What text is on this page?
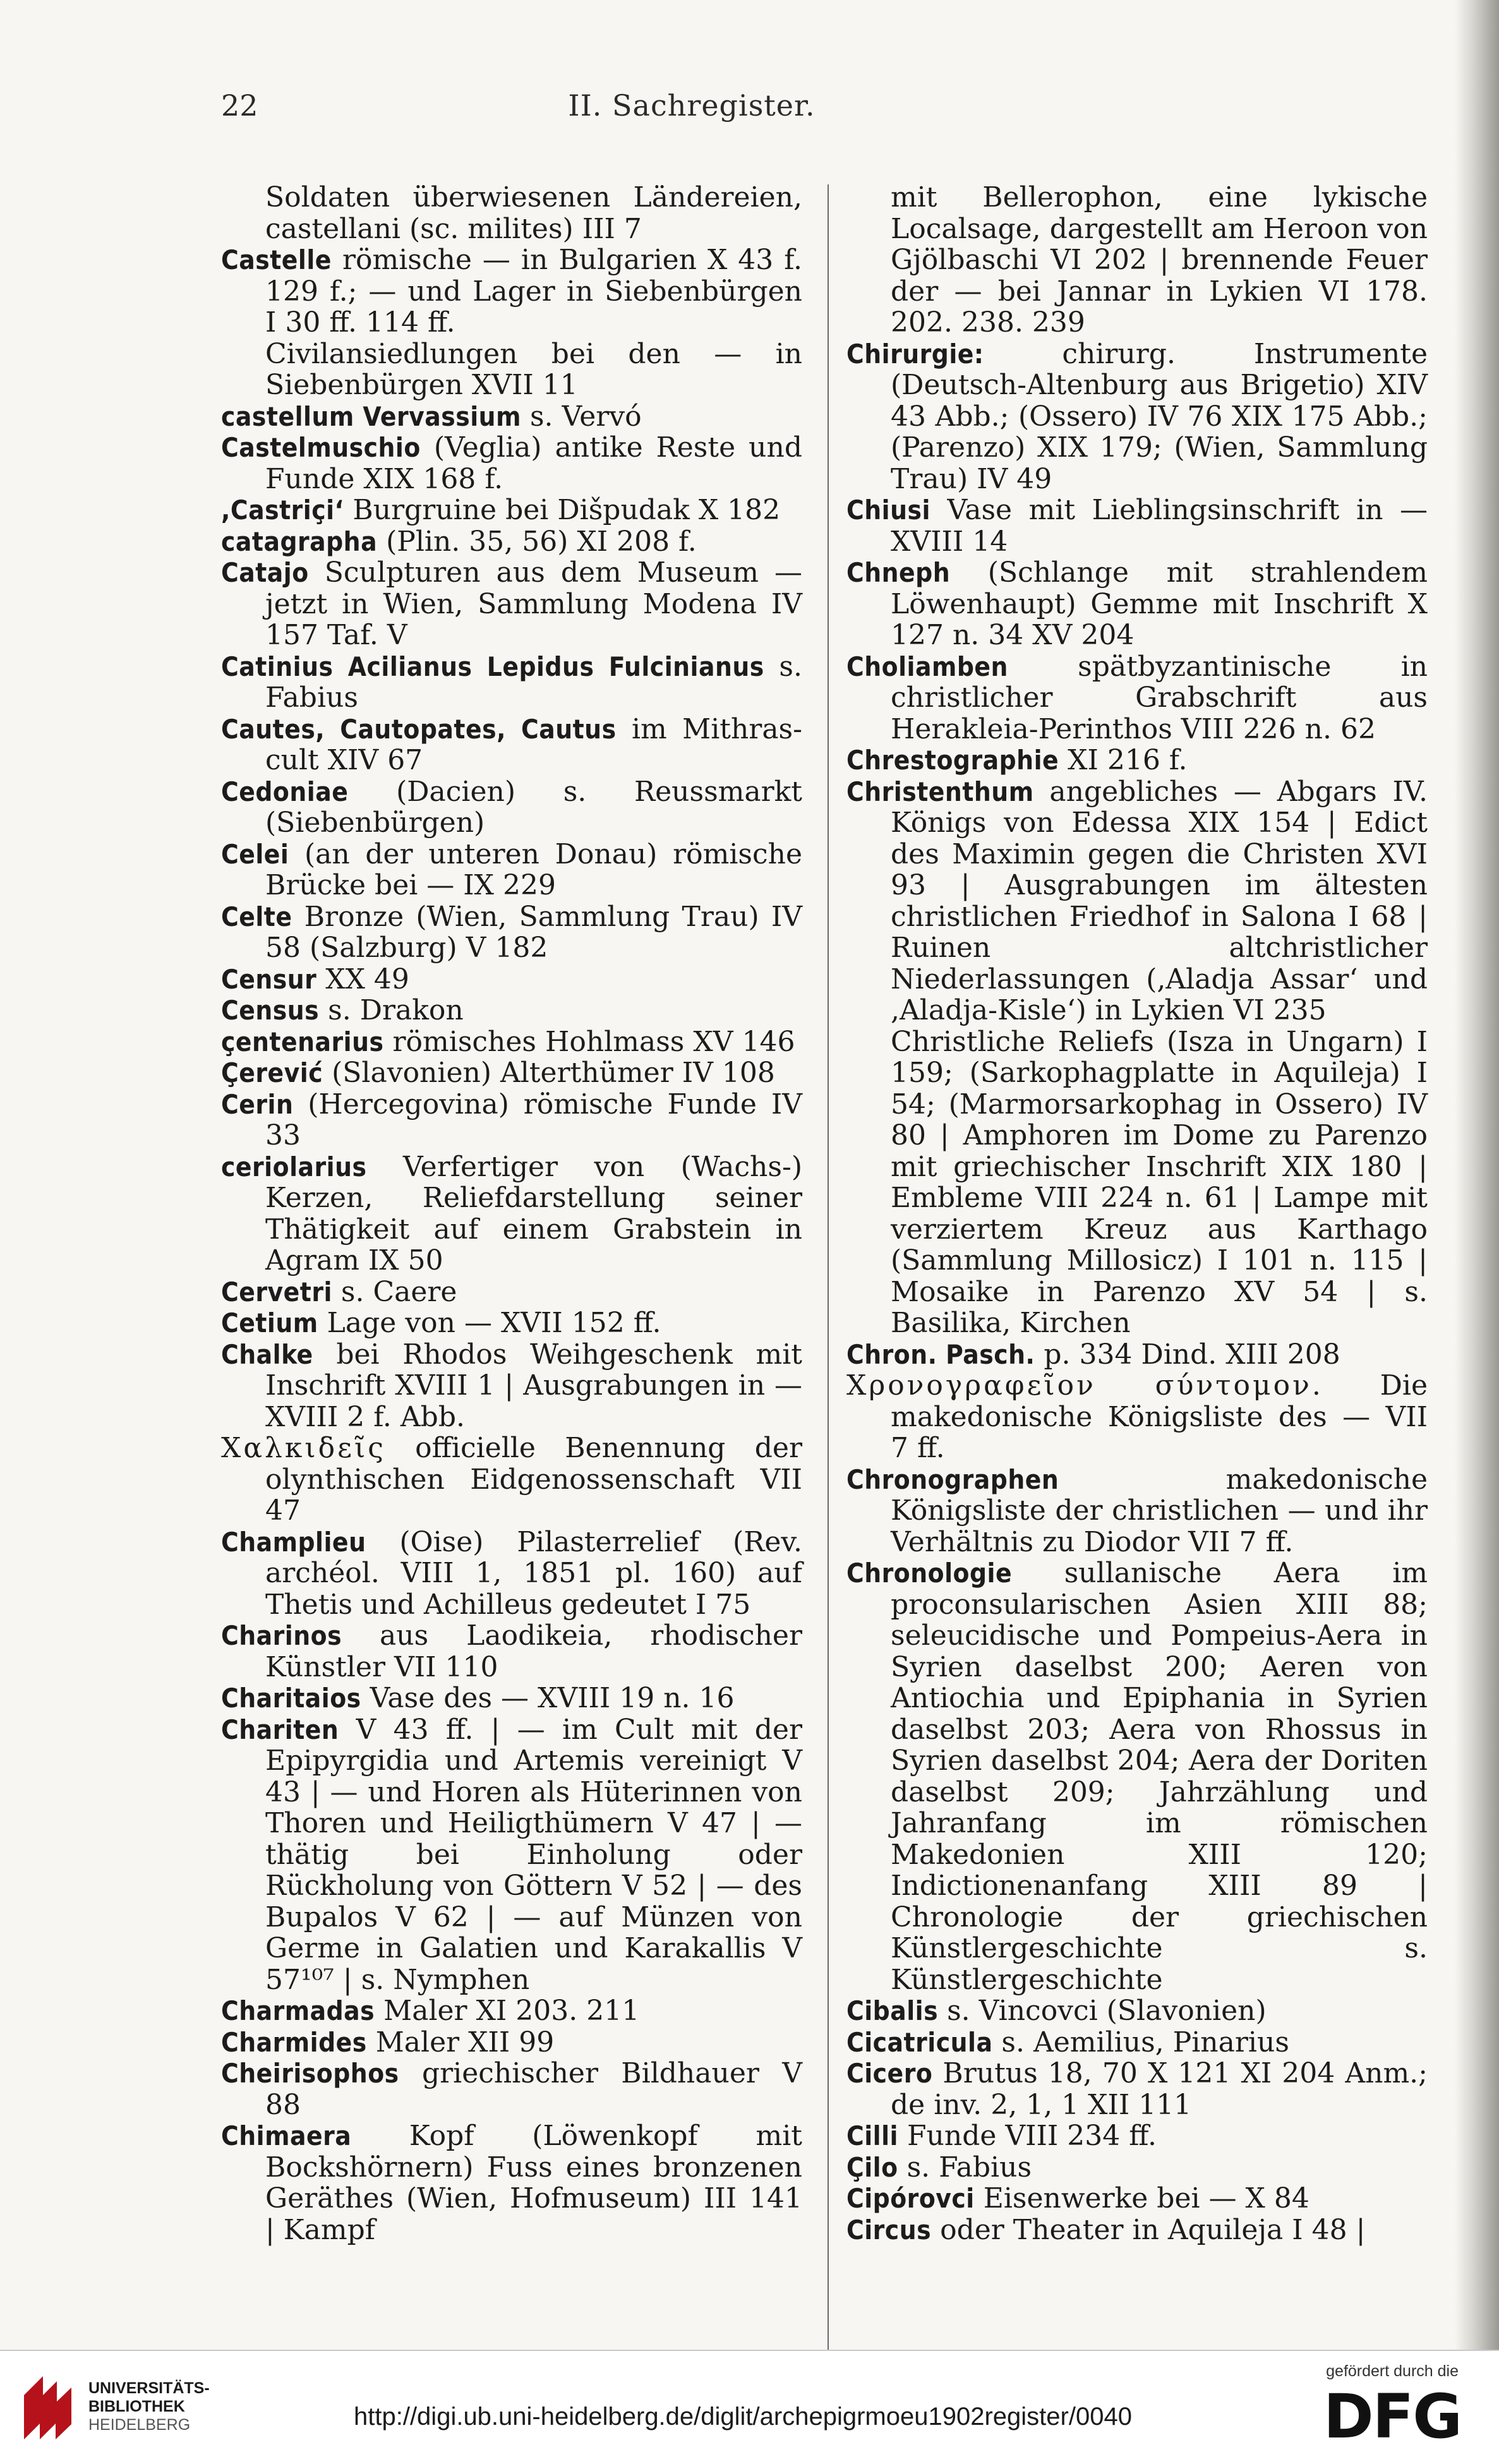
22	II. Sachregister.
Soldaten überwiesenen Ländereien, castellani (sc. milites) III 7
Castelle römische — in Bulgarien X 43 f. 129 f.; — und Lager in Siebenbürgen I 30 ff. 114 ff.
Civilansiedlungen bei den — in Siebenbürgen XVII 11
castellum Vervassium s. Vervó
Castelmuschio (Veglia) antike Reste und Funde XIX 168 f.
,Castriçi‘ Burgruine bei Dišpudak X 182
catagrapha (Plin. 35, 56) XI 208 f.
Catajo Sculpturen aus dem Museum — jetzt in Wien, Sammlung Modena IV 157 Taf. V
Catinius Acilianus Lepidus Fulcinianus s. Fabius
Cautes, Cautopates, Cautus im Mithras-cult XIV 67
Cedoniae (Dacien) s. Reussmarkt (Siebenbürgen)
Celei (an der unteren Donau) römische Brücke bei — IX 229
Celte Bronze (Wien, Sammlung Trau) IV 58 (Salzburg) V 182
Censur XX 49
Census s. Drakon
çentenarius römisches Hohlmass XV 146
Çerević (Slavonien) Alterthümer IV 108
Cerin (Hercegovina) römische Funde IV 33
ceriolarius Verfertiger von (Wachs-) Kerzen, Reliefdarstellung seiner Thätigkeit auf einem Grabstein in Agram IX 50
Cervetri s. Caere
Cetium Lage von — XVII 152 ff.
Chalke bei Rhodos Weihgeschenk mit Inschrift XVIII 1 | Ausgrabungen in — XVIII 2 f. Abb.
Χαλκιδεῖς officielle Benennung der olynthischen Eidgenossenschaft VII 47
Champlieu (Oise) Pilasterrelief (Rev. archéol. VIII 1, 1851 pl. 160) auf Thetis und Achilleus gedeutet I 75
Charinos aus Laodikeia, rhodischer Künstler VII 110
Charitaios Vase des — XVIII 19 n. 16
Chariten V 43 ff. | — im Cult mit der Epipyrgidia und Artemis vereinigt V 43 | — und Horen als Hüterinnen von Thoren und Heiligthümern V 47 | — thätig bei Einholung oder Rückholung von Göttern V 52 | — des Bupalos V 62 | — auf Münzen von Germe in Galatien und Karakallis V 57¹⁰⁷ | s. Nymphen
Charmadas Maler XI 203. 211
Charmides Maler XII 99
Cheirisophos griechischer Bildhauer V 88
Chimaera Kopf (Löwenkopf mit Bockshörnern) Fuss eines bronzenen Geräthes (Wien, Hofmuseum) III 141 | Kampf
mit Bellerophon, eine lykische Localsage, dargestellt am Heroon von Gjölbaschi VI 202 | brennende Feuer der — bei Jannar in Lykien VI 178. 202. 238. 239
Chirurgie: chirurg. Instrumente (Deutsch-Altenburg aus Brigetio) XIV 43 Abb.; (Ossero) IV 76 XIX 175 Abb.; (Parenzo) XIX 179; (Wien, Sammlung Trau) IV 49
Chiusi Vase mit Lieblingsinschrift in — XVIII 14
Chneph (Schlange mit strahlendem Löwenhaupt) Gemme mit Inschrift X 127 n. 34 XV 204
Choliamben spätbyzantinische in christlicher Grabschrift aus Herakleia-Perinthos VIII 226 n. 62
Chrestographie XI 216 f.
Christenthum angebliches — Abgars IV. Königs von Edessa XIX 154 | Edict des Maximin gegen die Christen XVI 93 | Ausgrabungen im ältesten christlichen Friedhof in Salona I 68 | Ruinen altchristlicher Niederlassungen (,Aladja Assar‘ und ,Aladja-Kisle‘) in Lykien VI 235
Christliche Reliefs (Isza in Ungarn) I 159; (Sarkophagplatte in Aquileja) I 54; (Marmorsarkophag in Ossero) IV 80 | Amphoren im Dome zu Parenzo mit griechischer Inschrift XIX 180 | Embleme VIII 224 n. 61 | Lampe mit verziertem Kreuz aus Karthago (Sammlung Millosicz) I 101 n. 115 | Mosaike in Parenzo XV 54 | s. Basilika, Kirchen
Chron. Pasch. p. 334 Dind. XIII 208
Χρονογραφεῖον σύντομον. Die makedonische Königsliste des — VII 7 ff.
Chronographen makedonische Königsliste der christlichen — und ihr Verhältnis zu Diodor VII 7 ff.
Chronologie sullanische Aera im proconsularischen Asien XIII 88; seleucidische und Pompeius-Aera in Syrien daselbst 200; Aeren von Antiochia und Epiphania in Syrien daselbst 203; Aera von Rhossus in Syrien daselbst 204; Aera der Doriten daselbst 209; Jahrzählung und Jahranfang im römischen Makedonien XIII 120; Indictionenanfang XIII 89 | Chronologie der griechischen Künstlergeschichte s. Künstlergeschichte
Cibalis s. Vincovci (Slavonien)
Cicatricula s. Aemilius, Pinarius
Cicero Brutus 18, 70 X 121 XI 204 Anm.; de inv. 2, 1, 1 XII 111
Cilli Funde VIII 234 ff.
Çilo s. Fabius
Cipórovci Eisenwerke bei — X 84
Circus oder Theater in Aquileja I 48 |
UNIVERSITÄTS-
BIBLIOTHEK
HEIDELBERG	http://digi.ub.uni-heidelberg.de/diglit/archepigrmoeu1902register/0040
gefördert durch die
DFG
